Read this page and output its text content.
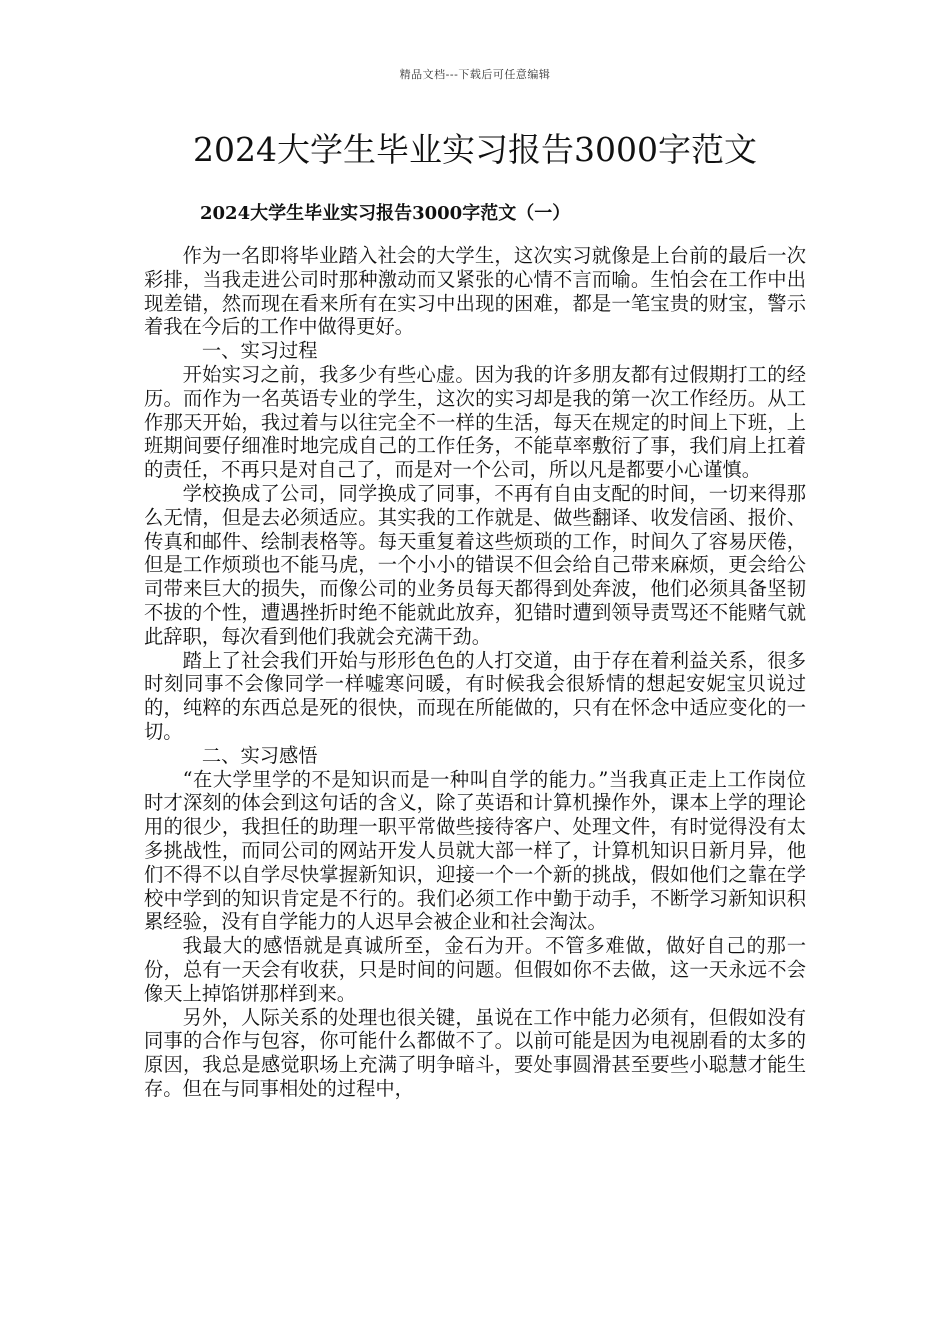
精品文档---下载后可任意编辑
2024大学生毕业实习报告3000字范文
2024大学生毕业实习报告3000字范文（一）

作为一名即将毕业踏入社会的大学生，这次实习就像是上台前的最后一次彩排，当我走进公司时那种激动而又紧张的心情不言而喻。生怕会在工作中出现差错，然而现在看来所有在实习中出现的困难，都是一笔宝贵的财宝，警示着我在今后的工作中做得更好。

一、实习过程

开始实习之前，我多少有些心虚。因为我的许多朋友都有过假期打工的经历。而作为一名英语专业的学生，这次的实习却是我的第一次工作经历。从工作那天开始，我过着与以往完全不一样的生活，每天在规定的时间上下班，上班期间要仔细准时地完成自己的工作任务，不能草率敷衍了事，我们肩上扛着的责任，不再只是对自己了，而是对一个公司，所以凡是都要小心谨慎。

学校换成了公司，同学换成了同事，不再有自由支配的时间，一切来得那么无情，但是去必须适应。其实我的工作就是、做些翻译、收发信函、报价、传真和邮件、绘制表格等。每天重复着这些烦琐的工作，时间久了容易厌倦，但是工作烦琐也不能马虎，一个小小的错误不但会给自己带来麻烦，更会给公司带来巨大的损失，而像公司的业务员每天都得到处奔波，他们必须具备坚韧不拔的个性，遭遇挫折时绝不能就此放弃，犯错时遭到领导责骂还不能赌气就此辞职，每次看到他们我就会充满干劲。

踏上了社会我们开始与形形色色的人打交道，由于存在着利益关系，很多时刻同事不会像同学一样嘘寒问暖，有时候我会很矫情的想起安妮宝贝说过的，纯粹的东西总是死的很快，而现在所能做的，只有在怀念中适应变化的一切。

二、实习感悟

“在大学里学的不是知识而是一种叫自学的能力。”当我真正走上工作岗位时才深刻的体会到这句话的含义，除了英语和计算机操作外，课本上学的理论用的很少，我担任的助理一职平常做些接待客户、处理文件，有时觉得没有太多挑战性，而同公司的网站开发人员就大部一样了，计算机知识日新月异，他们不得不以自学尽快掌握新知识，迎接一个一个新的挑战，假如他们之靠在学校中学到的知识肯定是不行的。我们必须工作中勤于动手，不断学习新知识积累经验，没有自学能力的人迟早会被企业和社会淘汰。

我最大的感悟就是真诚所至，金石为开。不管多难做，做好自己的那一份，总有一天会有收获，只是时间的问题。但假如你不去做，这一天永远不会像天上掉馅饼那样到来。

另外，人际关系的处理也很关键，虽说在工作中能力必须有，但假如没有同事的合作与包容，你可能什么都做不了。以前可能是因为电视剧看的太多的原因，我总是感觉职场上充满了明争暗斗，要处事圆滑甚至要些小聪慧才能生存。但在与同事相处的过程中，
